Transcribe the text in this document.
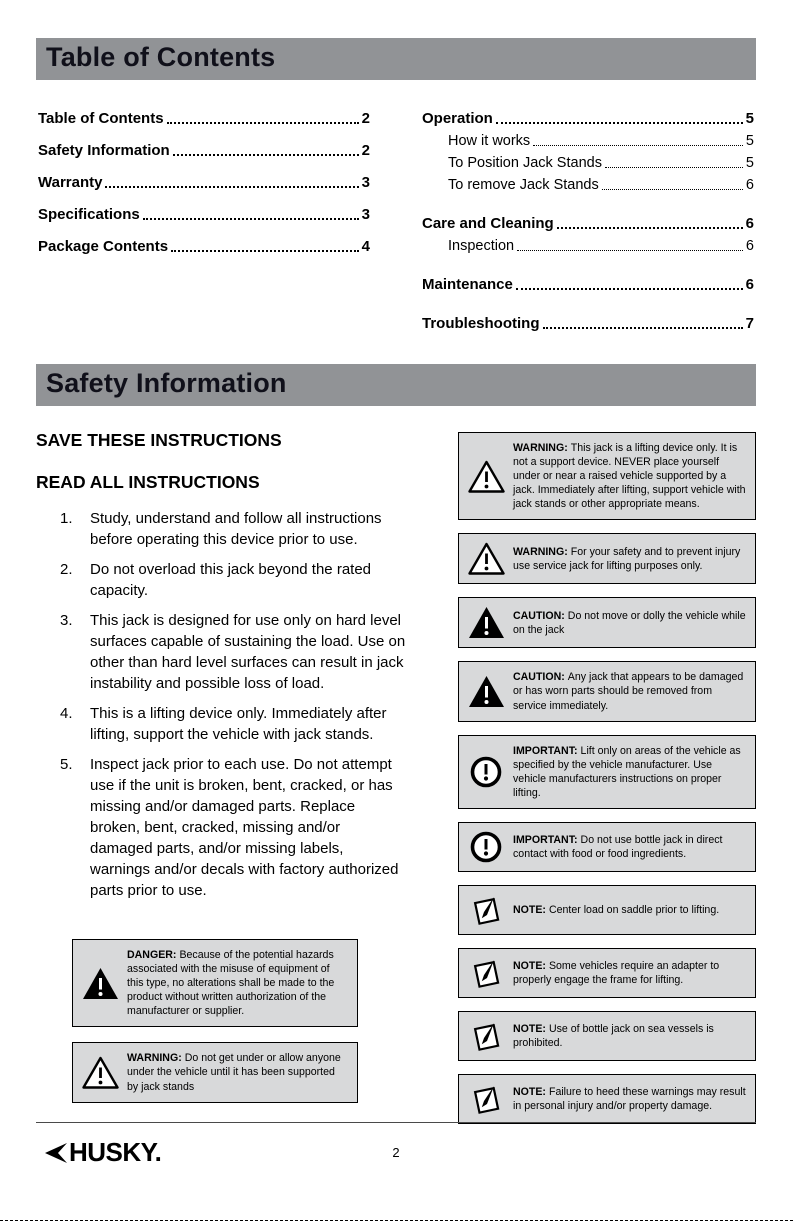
Table of Contents
Table of Contents	2
Safety Information	2
Warranty	3
Specifications	3
Package Contents	4
Operation	5
How it works	5
To Position Jack Stands	5
To remove Jack Stands	6
Care and Cleaning	6
Inspection	6
Maintenance	6
Troubleshooting	7
Safety Information
SAVE THESE INSTRUCTIONS
READ ALL INSTRUCTIONS
1.	Study, understand and follow all instructions before operating this device prior to use.
2.	Do not overload this jack beyond the rated capacity.
3.	This jack is designed for use only on hard level surfaces capable of sustaining the load. Use on other than hard level surfaces can result in jack instability and possible loss of load.
4.	This is a lifting device only. Immediately after lifting, support the vehicle with jack stands.
5.	Inspect jack prior to each use. Do not attempt use if the unit is broken, bent, cracked, or has missing and/or damaged parts. Replace broken, bent, cracked, missing and/or damaged parts, and/or missing labels, warnings and/or decals with factory authorized parts prior to use.

DANGER: Because of the potential hazards associated with the misuse of equipment of this type, no alterations shall be made to the product without written authorization of the manufacturer or supplier.

WARNING: Do not get under or allow anyone under the vehicle until it has been supported by jack stands

WARNING: This jack is a lifting device only. It is not a support device. NEVER place yourself under or near a raised vehicle supported by a jack. Immediately after lifting, support vehicle with jack stands or other appropriate means.

WARNING: For your safety and to prevent injury use service jack for lifting purposes only.

CAUTION: Do not move or dolly the vehicle while on the jack

CAUTION: Any jack that appears to be damaged or has worn parts should be removed from service immediately.

IMPORTANT: Lift only on areas of the vehicle as specified by the vehicle manufacturer. Use vehicle manufacturers instructions on proper lifting.

IMPORTANT: Do not use bottle jack in direct contact with food or food ingredients.

NOTE: Center load on saddle prior to lifting.

NOTE: Some vehicles require an adapter to properly engage the frame for lifting.

NOTE: Use of bottle jack on sea vessels is prohibited.

NOTE: Failure to heed these warnings may result in personal injury and/or property damage.

HUSKY.	2
